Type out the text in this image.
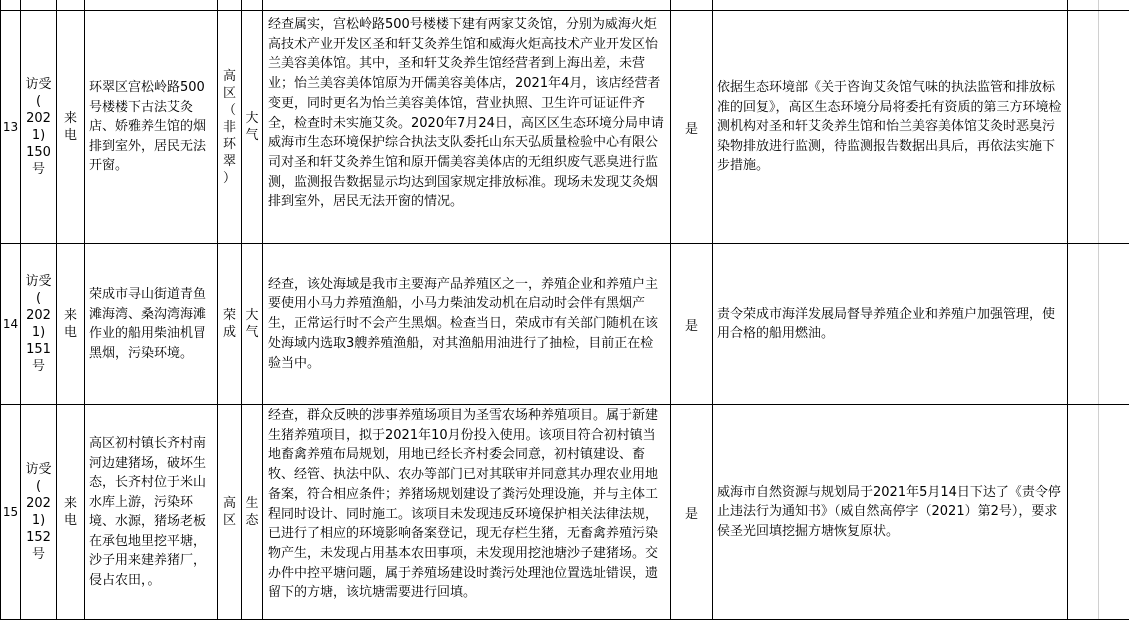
13
访受
(
202
1)
150
号
来
电
环翠区宫松岭路500号楼楼下古法艾灸店、娇雅养生馆的烟排到室外，居民无法开窗。
高
区
（
非
环
翠
）
大
气
经查属实，宫松岭路500号楼楼下建有两家艾灸馆，分别为威海火炬高技术产业开发区圣和轩艾灸养生馆和威海火炬高技术产业开发区怡兰美容美体馆。其中，圣和轩艾灸养生馆经营者到上海出差，未营业；怡兰美容美体馆原为开儒美容美体店，2021年4月，该店经营者变更，同时更名为怡兰美容美体馆，营业执照、卫生许可证证件齐全，检查时未实施艾灸。2020年7月24日，高区区生态环境分局申请威海市生态环境保护综合执法支队委托山东天弘质量检验中心有限公司对圣和轩艾灸养生馆和原开儒美容美体店的无组织废气恶臭进行监测，监测报告数据显示均达到国家规定排放标准。现场未发现艾灸烟排到室外，居民无法开窗的情况。
是
依据生态环境部《关于咨询艾灸馆气味的执法监管和排放标准的回复》，高区生态环境分局将委托有资质的第三方环境检测机构对圣和轩艾灸养生馆和怡兰美容美体馆艾灸时恶臭污染物排放进行监测，待监测报告数据出具后，再依法实施下步措施。
14
访受
(
202
1)
151
号
来
电
荣成市寻山街道青鱼滩海湾、桑沟湾海滩作业的船用柴油机冒黑烟，污染环境。
荣
成
大
气
经查，该处海域是我市主要海产品养殖区之一，养殖企业和养殖户主要使用小马力养殖渔船，小马力柴油发动机在启动时会伴有黑烟产生，正常运行时不会产生黑烟。检查当日，荣成市有关部门随机在该处海域内选取3艘养殖渔船，对其渔船用油进行了抽检，目前正在检验当中。
是
责令荣成市海洋发展局督导养殖企业和养殖户加强管理，使用合格的船用燃油。
15
访受
(
202
1)
152
号
来
电
高区初村镇长齐村南河边建猪场，破坏生态，长齐村位于米山水库上游，污染环境、水源，猪场老板在承包地里挖平塘，沙子用来建养猪厂，侵占农田，。
高
区
生
态
经查，群众反映的涉事养殖场项目为圣雪农场种养殖项目。属于新建生猪养殖项目，拟于2021年10月份投入使用。该项目符合初村镇当地畜禽养殖布局规划，用地已经长齐村委会同意，初村镇建设、畜牧、经管、执法中队、农办等部门已对其联审并同意其办理农业用地备案，符合相应条件；养猪场规划建设了粪污处理设施，并与主体工程同时设计、同时施工。该项目未发现违反环境保护相关法律法规，已进行了相应的环境影响备案登记，现无存栏生猪，无畜禽养殖污染物产生，未发现占用基本农田事项，未发现用挖池塘沙子建猪场。交办件中控平塘问题，属于养殖场建设时粪污处理池位置选址错误，遗留下的方塘，该坑塘需要进行回填。
是
威海市自然资源与规划局于2021年5月14日下达了《责令停止违法行为通知书》（威自然高停字（2021）第2号），要求侯圣光回填挖掘方塘恢复原状。
